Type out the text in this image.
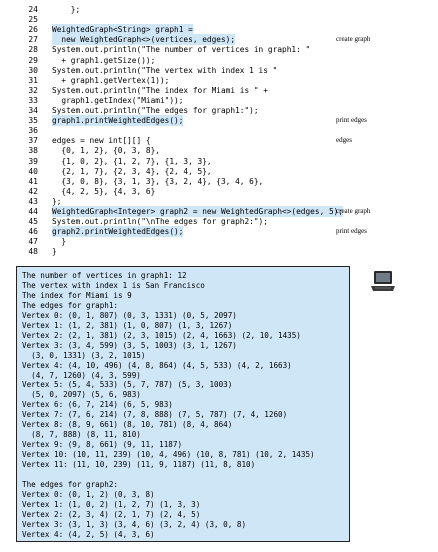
24 };
25
26 WeightedGraph<String> graph1 =
27 new WeightedGraph<>(vertices, edges);	create graph
28 System.out.println("The number of vertices in graph1: "
29 + graph1.getSize());
30 System.out.println("The vertex with index 1 is "
31 + graph1.getVertex(1));
32 System.out.println("The index for Miami is " +
33 graph1.getIndex("Miami"));
34 System.out.println("The edges for graph1:");
35 graph1.printWeightedEdges();	print edges
36
37 edges = new int[][] {	edges
38 {0, 1, 2}, {0, 3, 8},
39 {1, 0, 2}, {1, 2, 7}, {1, 3, 3},
40 {2, 1, 7}, {2, 3, 4}, {2, 4, 5},
41 {3, 0, 8}, {3, 1, 3}, {3, 2, 4}, {3, 4, 6},
42 {4, 2, 5}, {4, 3, 6}
43 };
44 WeightedGraph<Integer> graph2 = new WeightedGraph<>(edges, 5);
create graph
45 System.out.println("\nThe edges for graph2:");
46 graph2.printWeightedEdges();	print edges
47 }
48 }
The number of vertices in graph1: 12
The vertex with index 1 is San Francisco
The index for Miami is 9
The edges for graph1:
Vertex 0: (0, 1, 807) (0, 3, 1331) (0, 5, 2097)
Vertex 1: (1, 2, 381) (1, 0, 807) (1, 3, 1267)
Vertex 2: (2, 1, 381) (2, 3, 1015) (2, 4, 1663) (2, 10, 1435)
Vertex 3: (3, 4, 599) (3, 5, 1003) (3, 1, 1267)
(3, 0, 1331) (3, 2, 1015)
Vertex 4: (4, 10, 496) (4, 8, 864) (4, 5, 533) (4, 2, 1663)
(4, 7, 1260) (4, 3, 599)
Vertex 5: (5, 4, 533) (5, 7, 787) (5, 3, 1003)
(5, 0, 2097) (5, 6, 983)
Vertex 6: (6, 7, 214) (6, 5, 983)
Vertex 7: (7, 6, 214) (7, 8, 888) (7, 5, 787) (7, 4, 1260)
Vertex 8: (8, 9, 661) (8, 10, 781) (8, 4, 864)
(8, 7, 888) (8, 11, 810)
Vertex 9: (9, 8, 661) (9, 11, 1187)
Vertex 10: (10, 11, 239) (10, 4, 496) (10, 8, 781) (10, 2, 1435)
Vertex 11: (11, 10, 239) (11, 9, 1187) (11, 8, 810)
The edges for graph2:
Vertex 0: (0, 1, 2) (0, 3, 8)
Vertex 1: (1, 0, 2) (1, 2, 7) (1, 3, 3)
Vertex 2: (2, 3, 4) (2, 1, 7) (2, 4, 5)
Vertex 3: (3, 1, 3) (3, 4, 6) (3, 2, 4) (3, 0, 8)
Vertex 4: (4, 2, 5) (4, 3, 6)
